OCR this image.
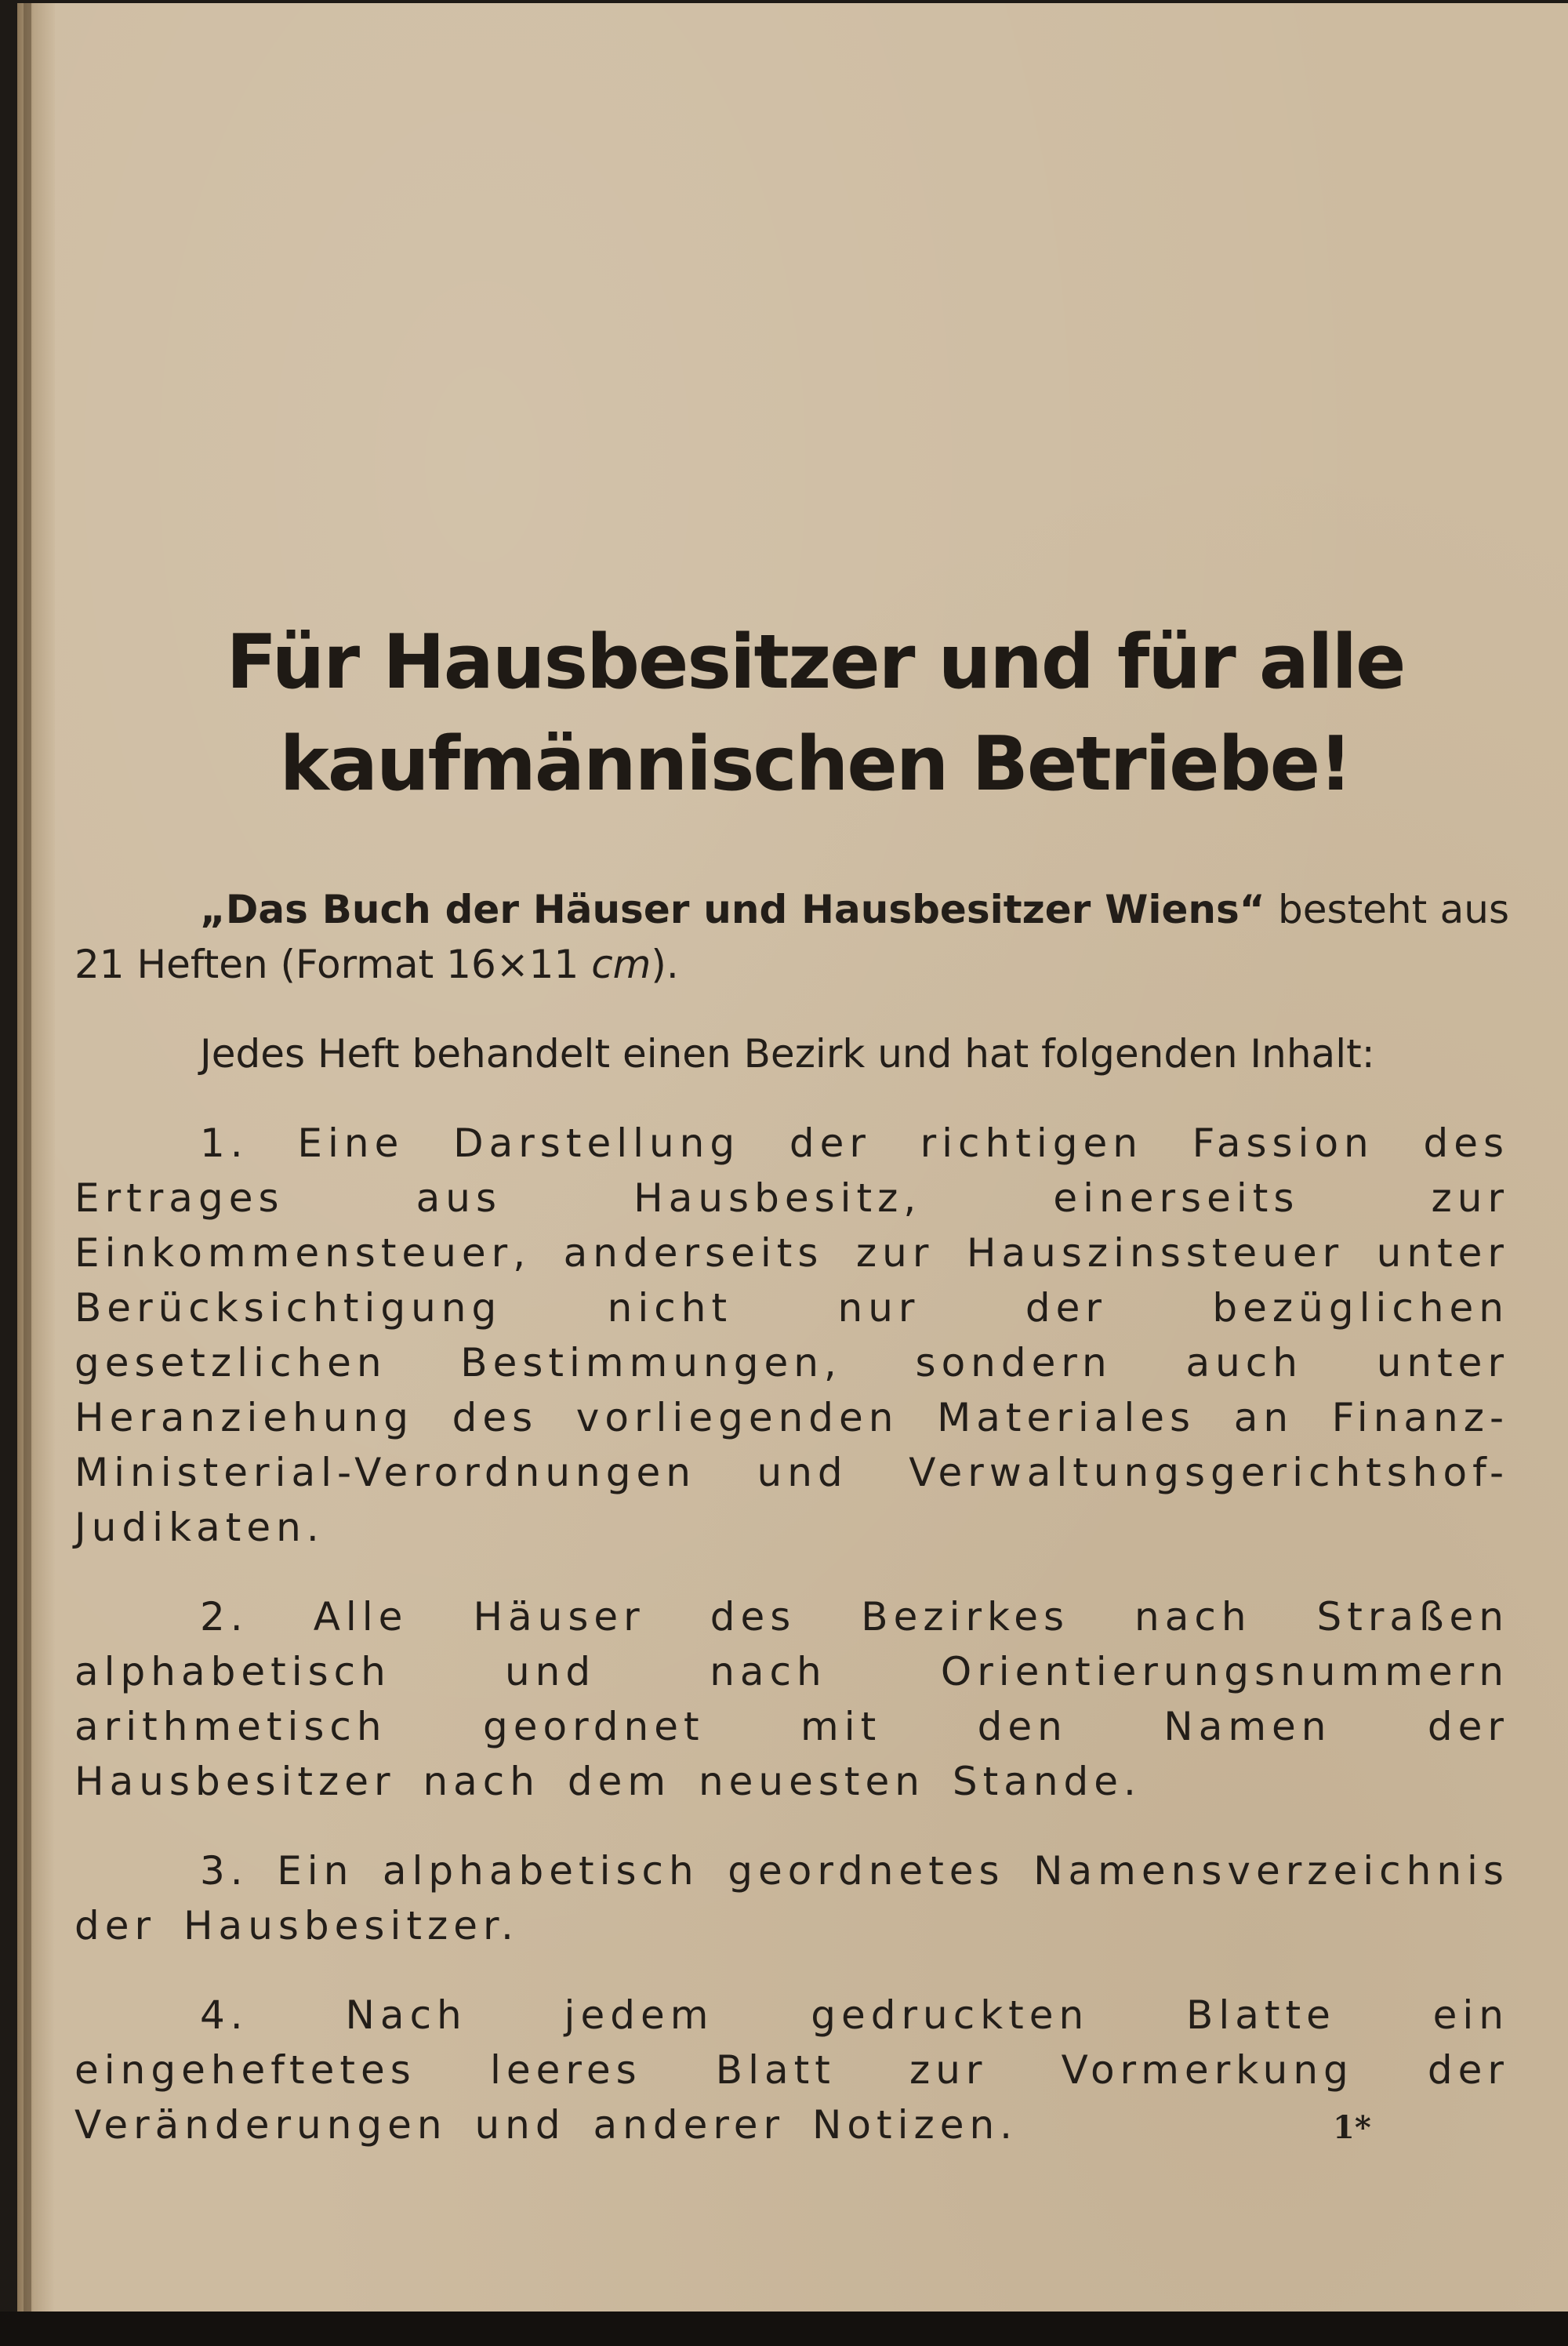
Für Hausbesitzer und für alle
kaufmännischen Betriebe!

„Das Buch der Häuser und Hausbesitzer Wiens“ besteht aus 21 Heften (Format 16×11 cm).

Jedes Heft behandelt einen Bezirk und hat folgenden Inhalt:

1. Eine Darstellung der richtigen Fassion des Ertrages aus Hausbesitz, einerseits zur Einkommensteuer, anderseits zur Hauszinssteuer unter Berücksichtigung nicht nur der bezüglichen gesetzlichen Bestimmungen, sondern auch unter Heranziehung des vorliegenden Materiales an Finanz-Ministerial-Verordnungen und Verwaltungsgerichtshof-Judikaten.

2. Alle Häuser des Bezirkes nach Straßen alphabetisch und nach Orientierungsnummern arithmetisch geordnet mit den Namen der Hausbesitzer nach dem neuesten Stande.

3. Ein alphabetisch geordnetes Namensverzeichnis der Hausbesitzer.

4. Nach jedem gedruckten Blatte ein eingeheftetes leeres Blatt zur Vormerkung der Veränderungen und anderer Notizen.	1*
